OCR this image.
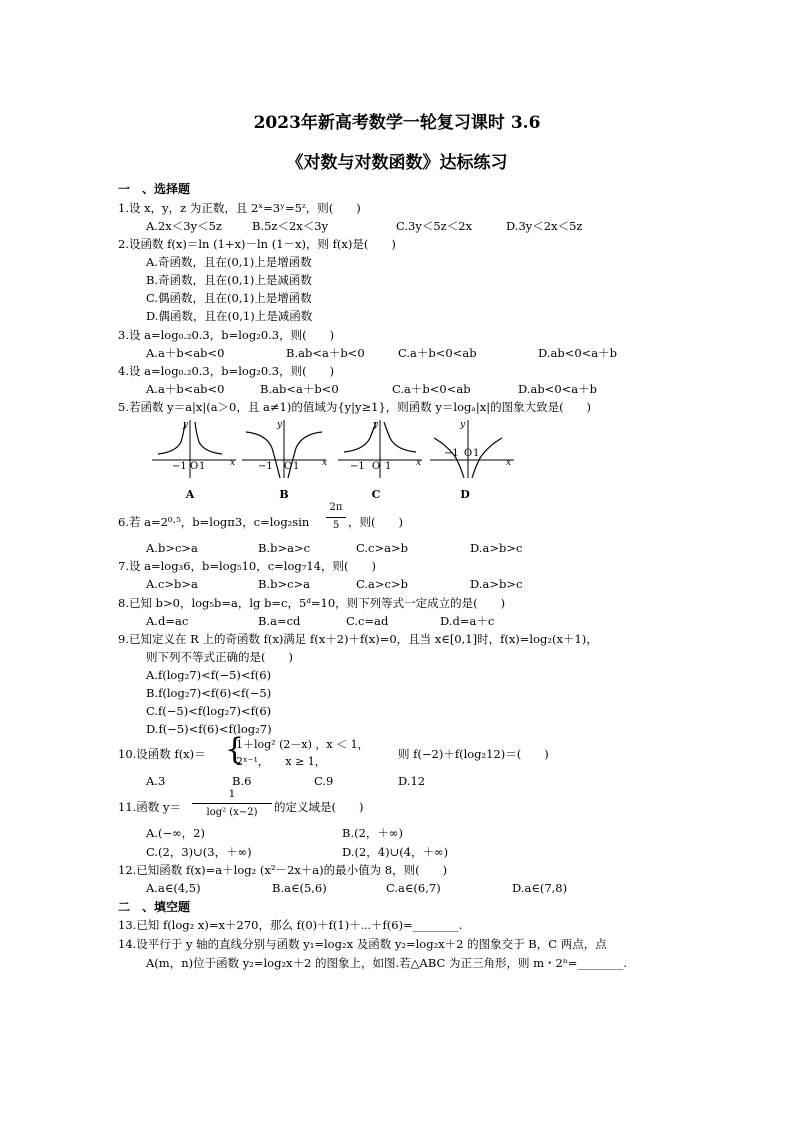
2023年新高考数学一轮复习课时 3.6
《对数与对数函数》达标练习
一　、选择题
1.设 x，y，z 为正数，且 2ˣ=3ʸ=5ᶻ，则(　　)
A.2x＜3y＜5z	B.5z＜2x＜3y	C.3y＜5z＜2x	D.3y＜2x＜5z
2.设函数 f(x)＝ln (1+x)－ln (1－x)，则 f(x)是(　　)
A.奇函数，且在(0,1)上是增函数
B.奇函数，且在(0,1)上是减函数
C.偶函数，且在(0,1)上是增函数
D.偶函数，且在(0,1)上是减函数
3.设 a=log₀.₂0.3，b=log₂0.3，则(　　)
A.a＋b<ab<0	B.ab<a＋b<0	C.a＋b<0<ab	D.ab<0<a＋b
4.设 a=log₀.₂0.3，b=log₂0.3，则(　　)
A.a＋b<ab<0	B.ab<a＋b<0	C.a＋b<0<ab	D.ab<0<a＋b
5.若函数 y＝a|x|(a＞0，且 a≠1)的值域为{y|y≥1}，则函数 y＝logₐ|x|的图象大致是(　　)
y
x
−1 O 1
y
x
−1 O 1
y
x
−1 O 1
y
x
−1 O 1
A	B	C	D
6.若 a=2⁰·⁵，b=logπ3，c=log₂sin
2π
5 ，则(　　)
A.b>c>a	B.b>a>c	C.c>a>b	D.a>b>c
7.设 a=log₃6，b=log₅10，c=log₇14，则(　　)
A.c>b>a	B.b>c>a	C.a>c>b	D.a>b>c
8.已知 b>0，log₅b=a，lg b=c，5ᵈ=10，则下列等式一定成立的是(　　)
A.d=ac	B.a=cd	C.c=ad	D.d=a＋c
9.已知定义在 R 上的奇函数 f(x)满足 f(x＋2)＋f(x)=0，且当 x∈[0,1]时，f(x)=log₂(x＋1)，
则下列不等式正确的是(　　)
A.f(log₂7)<f(−5)<f(6)
B.f(log₂7)<f(6)<f(−5)
C.f(−5)<f(log₂7)<f(6)
D.f(−5)<f(6)<f(log₂7)
10.设函数 f(x)＝ {
1＋log² (2－x) ，x ＜ 1，
2ˣ⁻¹，　　x ≥ 1，
则 f(−2)＋f(log₂12)＝(　　)
A.3	B.6	C.9	D.12
11.函数 y＝
1
log² (x−2)	的定义域是(　　)
A.(−∞，2)	B.(2，＋∞)
C.(2，3)∪(3，＋∞)	D.(2，4)∪(4，＋∞)
12.已知函数 f(x)=a＋log₂ (x²－2x＋a)的最小值为 8，则(　　)
A.a∈(4,5)	B.a∈(5,6)	C.a∈(6,7)	D.a∈(7,8)
二　、填空题
13.已知 f(log₂ x)=x＋270，那么 f(0)＋f(1)＋⋯＋f(6)=________.
14.设平行于 y 轴的直线分别与函数 y₁=log₂x 及函数 y₂=log₂x＋2 的图象交于 B，C 两点，点
A(m，n)位于函数 y₂=log₂x＋2 的图象上，如图.若△ABC 为正三角形，则 m・2ⁿ=________.
